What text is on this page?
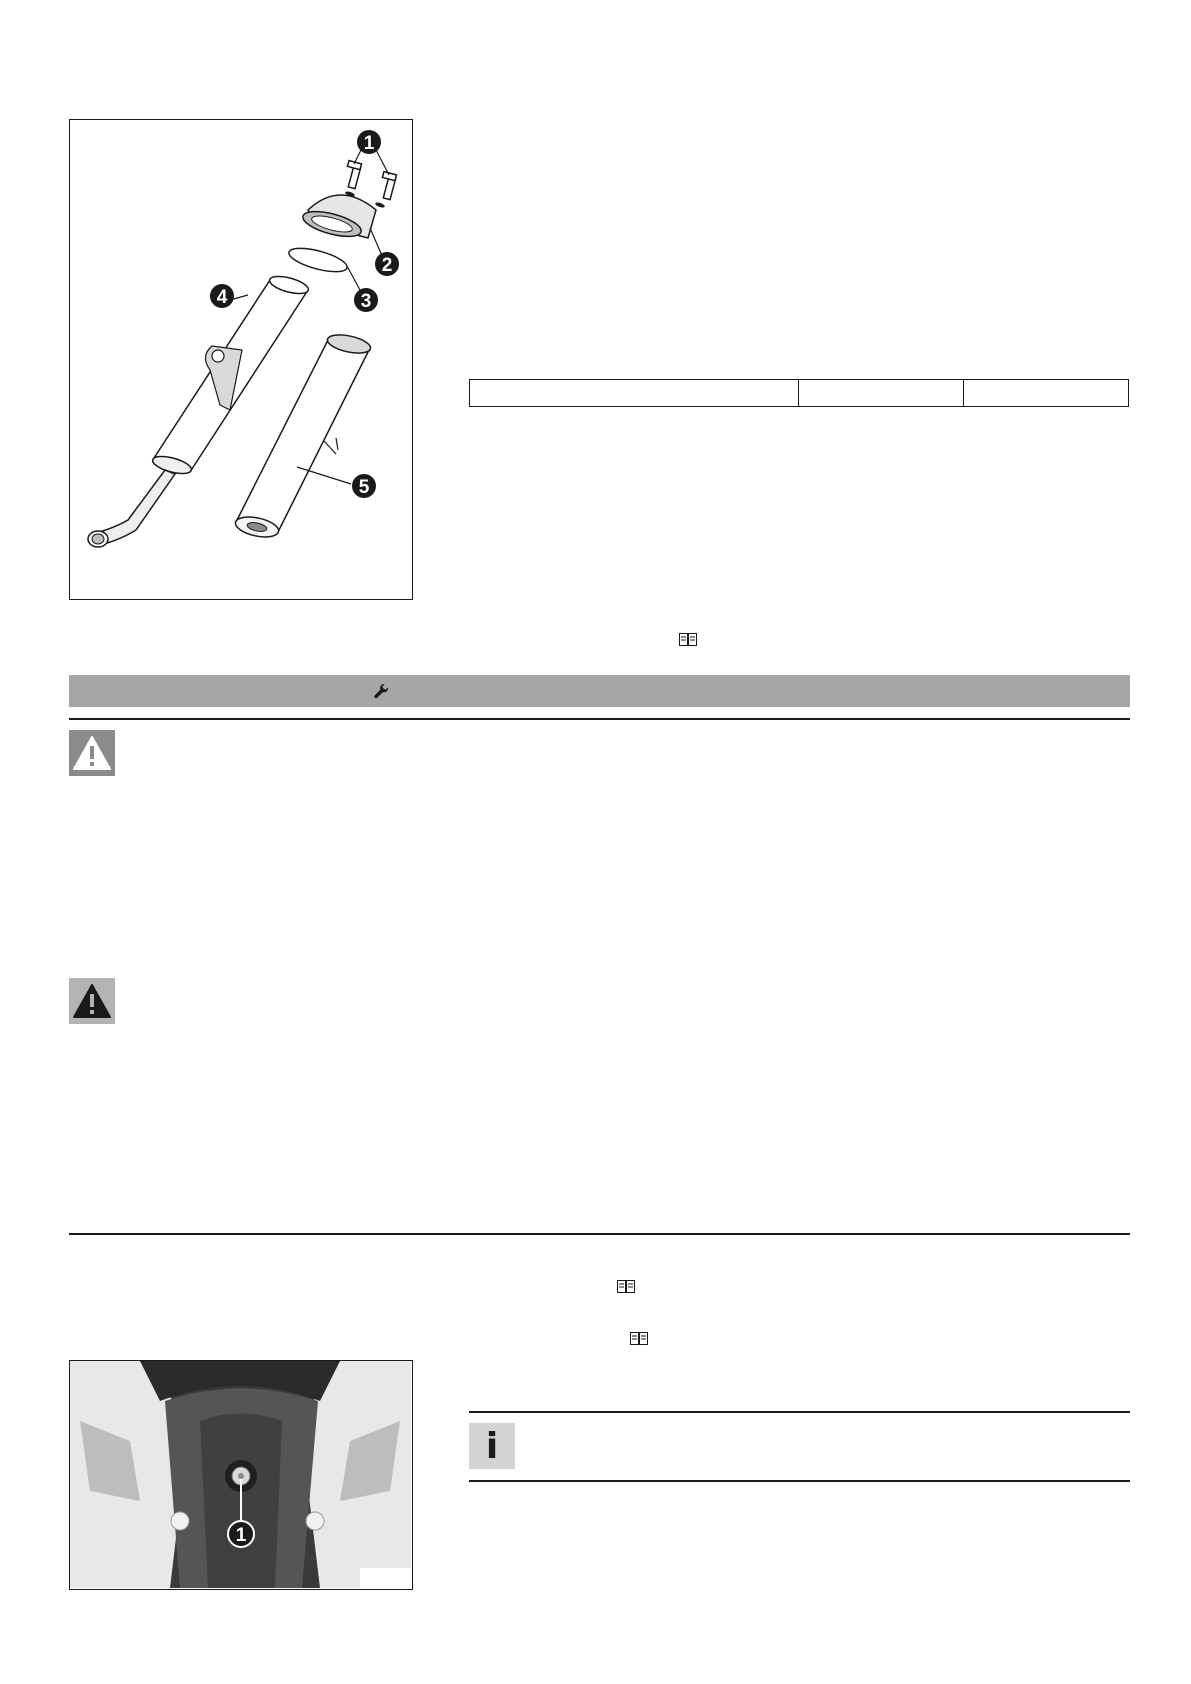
1
2
3
4
5

1
i
